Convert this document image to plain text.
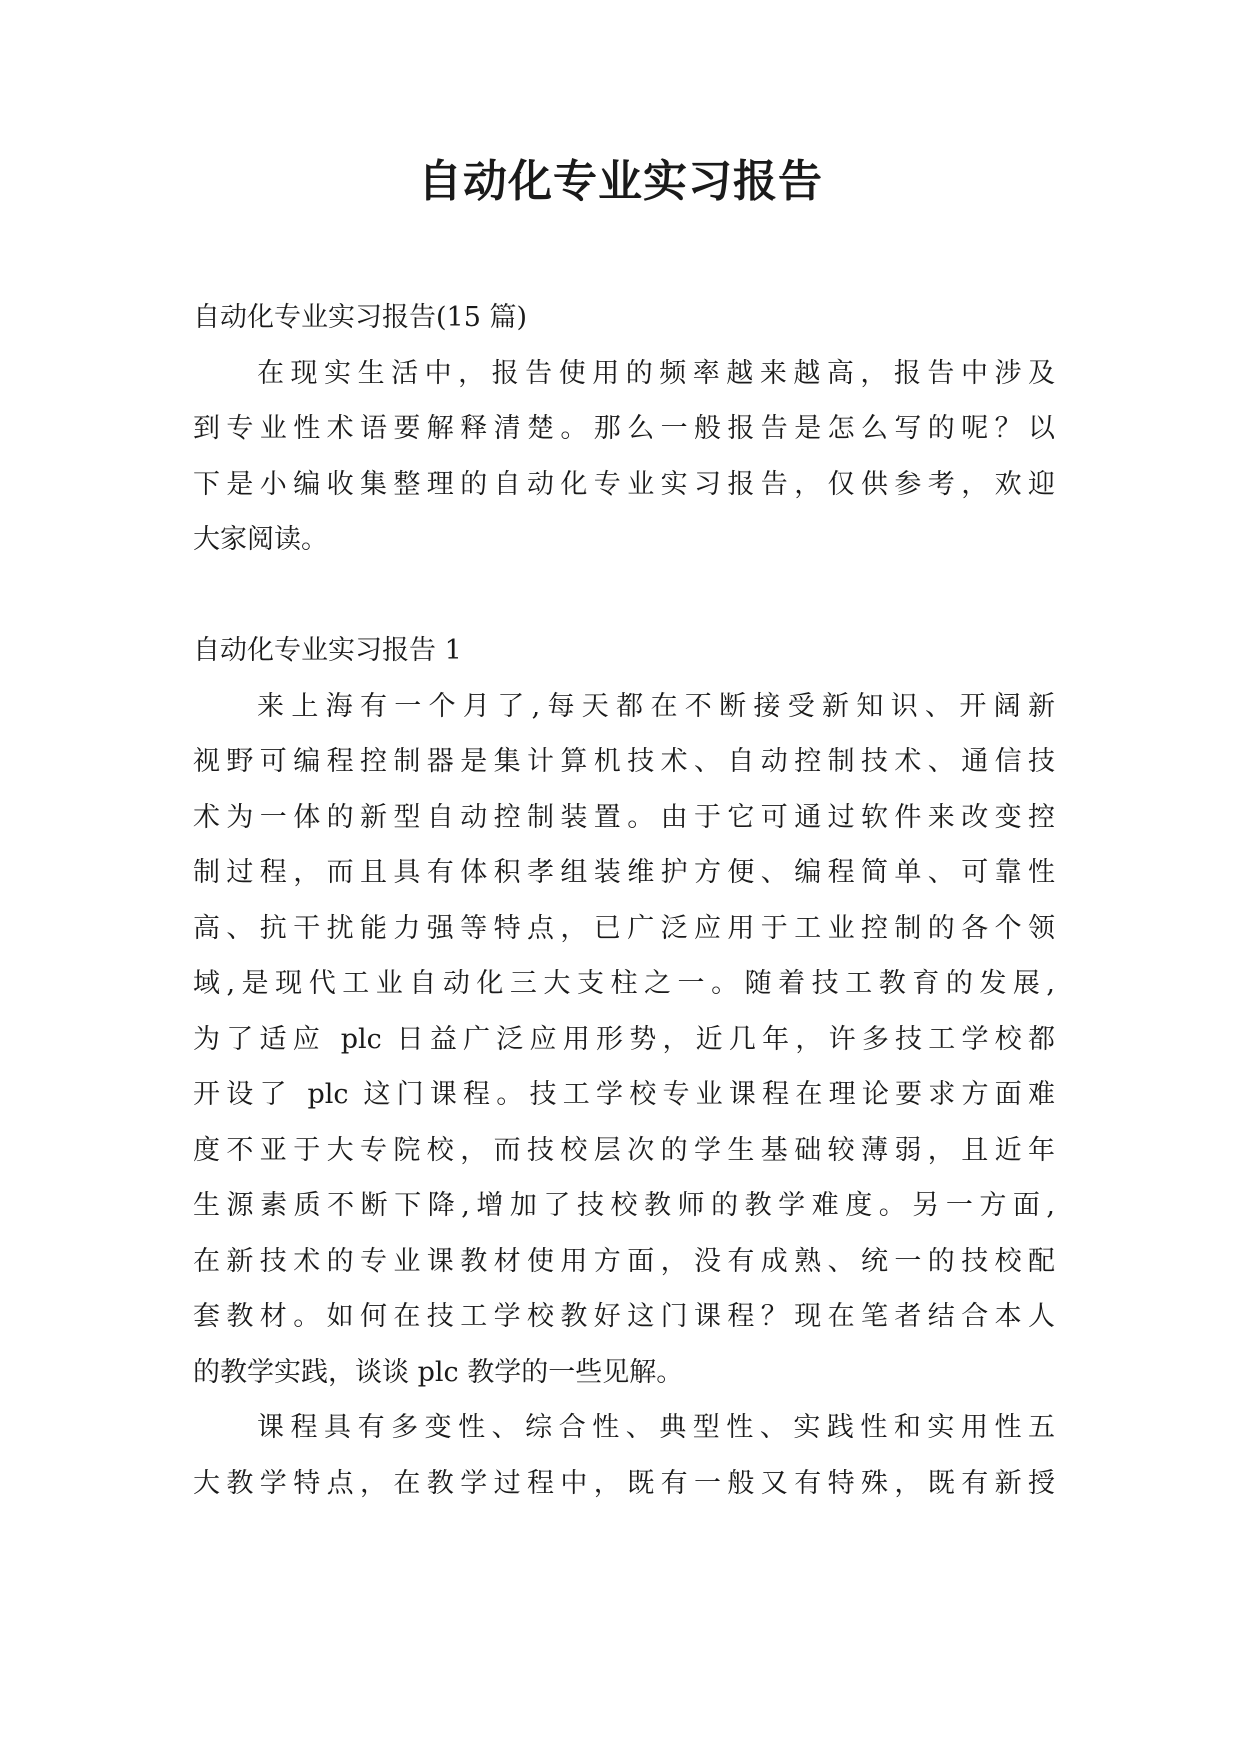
自动化专业实习报告
自动化专业实习报告(15 篇)
在现实生活中，报告使用的频率越来越高，报告中涉及
到专业性术语要解释清楚。那么一般报告是怎么写的呢？以
下是小编收集整理的自动化专业实习报告，仅供参考，欢迎
大家阅读。
自动化专业实习报告 1
来上海有一个月了,每天都在不断接受新知识、开阔新
视野可编程控制器是集计算机技术、自动控制技术、通信技
术为一体的新型自动控制装置。由于它可通过软件来改变控
制过程，而且具有体积孝组装维护方便、编程简单、可靠性
高、抗干扰能力强等特点，已广泛应用于工业控制的各个领
域,是现代工业自动化三大支柱之一。随着技工教育的发展,
为了适应 plc 日益广泛应用形势，近几年，许多技工学校都
开设了 plc 这门课程。技工学校专业课程在理论要求方面难
度不亚于大专院校，而技校层次的学生基础较薄弱，且近年
生源素质不断下降,增加了技校教师的教学难度。另一方面,
在新技术的专业课教材使用方面，没有成熟、统一的技校配
套教材。如何在技工学校教好这门课程？现在笔者结合本人
的教学实践，谈谈 plc 教学的一些见解。
课程具有多变性、综合性、典型性、实践性和实用性五
大教学特点，在教学过程中，既有一般又有特殊，既有新授
